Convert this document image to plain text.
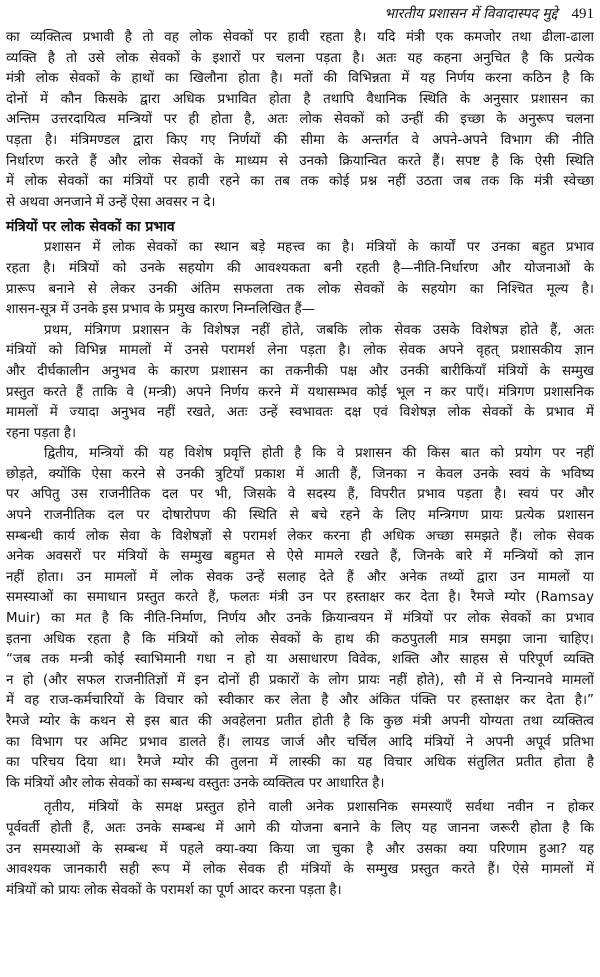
भारतीय प्रशासन में विवादास्पद मुद्दे 491
का व्यक्तित्व प्रभावी है तो वह लोक सेवकों पर हावी रहता है। यदि मंत्री एक कमजोर तथा ढीला-ढाला
व्यक्ति है तो उसे लोक सेवकों के इशारों पर चलना पड़ता है। अतः यह कहना अनुचित है कि प्रत्येक
मंत्री लोक सेवकों के हाथों का खिलौना होता है। मतों की विभिन्नता में यह निर्णय करना कठिन है कि
दोनों में कौन किसके द्वारा अधिक प्रभावित होता है तथापि वैधानिक स्थिति के अनुसार प्रशासन का
अन्तिम उत्तरदायित्व मन्त्रियों पर ही होता है, अतः लोक सेवकों को उन्हीं की इच्छा के अनुरूप चलना
पड़ता है। मंत्रिमण्डल द्वारा किए गए निर्णयों की सीमा के अन्तर्गत वे अपने-अपने विभाग की नीति
निर्धारण करते हैं और लोक सेवकों के माध्यम से उनको क्रियान्वित करते हैं। सपष्ट है कि ऐसी स्थिति
में लोक सेवकों का मंत्रियों पर हावी रहने का तब तक कोई प्रश्न नहीं उठता जब तक कि मंत्री स्वेच्छा
से अथवा अनजाने में उन्हें ऐसा अवसर न दे।
मंत्रियों पर लोक सेवकों का प्रभाव
प्रशासन में लोक सेवकों का स्थान बड़े महत्त्व का है। मंत्रियों के कार्यों पर उनका बहुत प्रभाव
रहता है। मंत्रियों को उनके सहयोग की आवश्यकता बनी रहती है—नीति-निर्धारण और योजनाओं के
प्रारूप बनाने से लेकर उनकी अंतिम सफलता तक लोक सेवकों के सहयोग का निश्चित मूल्य है।
शासन-सूत्र में उनके इस प्रभाव के प्रमुख कारण निम्नलिखित हैं—
प्रथम, मंत्रिगण प्रशासन के विशेषज्ञ नहीं होते, जबकि लोक सेवक उसके विशेषज्ञ होते हैं, अतः
मंत्रियों को विभिन्न मामलों में उनसे परामर्श लेना पड़ता है। लोक सेवक अपने वृहत् प्रशासकीय ज्ञान
और दीर्घकालीन अनुभव के कारण प्रशासन का तकनीकी पक्ष और उनकी बारीकियाँ मंत्रियों के सम्मुख
प्रस्तुत करते हैं ताकि वे (मन्त्री) अपने निर्णय करने में यथासम्भव कोई भूल न कर पाएँ। मंत्रिगण प्रशासनिक
मामलों में ज्यादा अनुभव नहीं रखते, अतः उन्हें स्वभावतः दक्ष एवं विशेषज्ञ लोक सेवकों के प्रभाव में
रहना पड़ता है।
द्वितीय, मन्त्रियों की यह विशेष प्रवृत्ति होती है कि वे प्रशासन की किस बात को प्रयोग पर नहीं
छोड़ते, क्योंकि ऐसा करने से उनकी त्रुटियाँ प्रकाश में आती हैं, जिनका न केवल उनके स्वयं के भविष्य
पर अपितु उस राजनीतिक दल पर भी, जिसके वे सदस्य हैं, विपरीत प्रभाव पड़ता है। स्वयं पर और
अपने राजनीतिक दल पर दोषारोपण की स्थिति से बचे रहने के लिए मन्त्रिगण प्रायः प्रत्येक प्रशासन
सम्बन्धी कार्य लोक सेवा के विशेषज्ञों से परामर्श लेकर करना ही अधिक अच्छा समझते हैं। लोक सेवक
अनेक अवसरों पर मंत्रियों के सम्मुख बहुमत से ऐसे मामले रखते हैं, जिनके बारे में मन्त्रियों को ज्ञान
नहीं होता। उन मामलों में लोक सेवक उन्हें सलाह देते हैं और अनेक तथ्यों द्वारा उन मामलों या
समस्याओं का समाधान प्रस्तुत करते हैं, फलतः मंत्री उन पर हस्ताक्षर कर देता है। रैमजे म्योर (Ramsay
Muir) का मत है कि नीति-निर्माण, निर्णय और उनके क्रियान्वयन में मंत्रियों पर लोक सेवकों का प्रभाव
इतना अधिक रहता है कि मंत्रियों को लोक सेवकों के हाथ की कठपुतली मात्र समझा जाना चाहिए।
“जब तक मन्त्री कोई स्वाभिमानी गधा न हो या असाधारण विवेक, शक्ति और साहस से परिपूर्ण व्यक्ति
न हो (और सफल राजनीतिज्ञों में इन दोनों ही प्रकारों के लोग प्रायः नहीं होते), सौ में से निन्यानवे मामलों
में वह राज-कर्मचारियों के विचार को स्वीकार कर लेता है और अंकित पंक्ति पर हस्ताक्षर कर देता है।”
रैमजे म्योर के कथन से इस बात की अवहेलना प्रतीत होती है कि कुछ मंत्री अपनी योग्यता तथा व्यक्तित्व
का विभाग पर अमिट प्रभाव डालते हैं। लायड जार्ज और चर्चिल आदि मंत्रियों ने अपनी अपूर्व प्रतिभा
का परिचय दिया था। रैमजे म्योर की तुलना में लास्की का यह विचार अधिक संतुलित प्रतीत होता है
कि मंत्रियों और लोक सेवकों का सम्बन्ध वस्तुतः उनके व्यक्तित्व पर आधारित है।
तृतीय, मंत्रियों के समक्ष प्रस्तुत होने वाली अनेक प्रशासनिक समस्याएँ सर्वथा नवीन न होकर
पूर्ववर्ती होती हैं, अतः उनके सम्बन्ध में आगे की योजना बनाने के लिए यह जानना जरूरी होता है कि
उन समस्याओं के सम्बन्ध में पहले क्या-क्या किया जा चुका है और उसका क्या परिणाम हुआ? यह
आवश्यक जानकारी सही रूप में लोक सेवक ही मंत्रियों के सम्मुख प्रस्तुत करते हैं। ऐसे मामलों में
मंत्रियों को प्रायः लोक सेवकों के परामर्श का पूर्ण आदर करना पड़ता है।
